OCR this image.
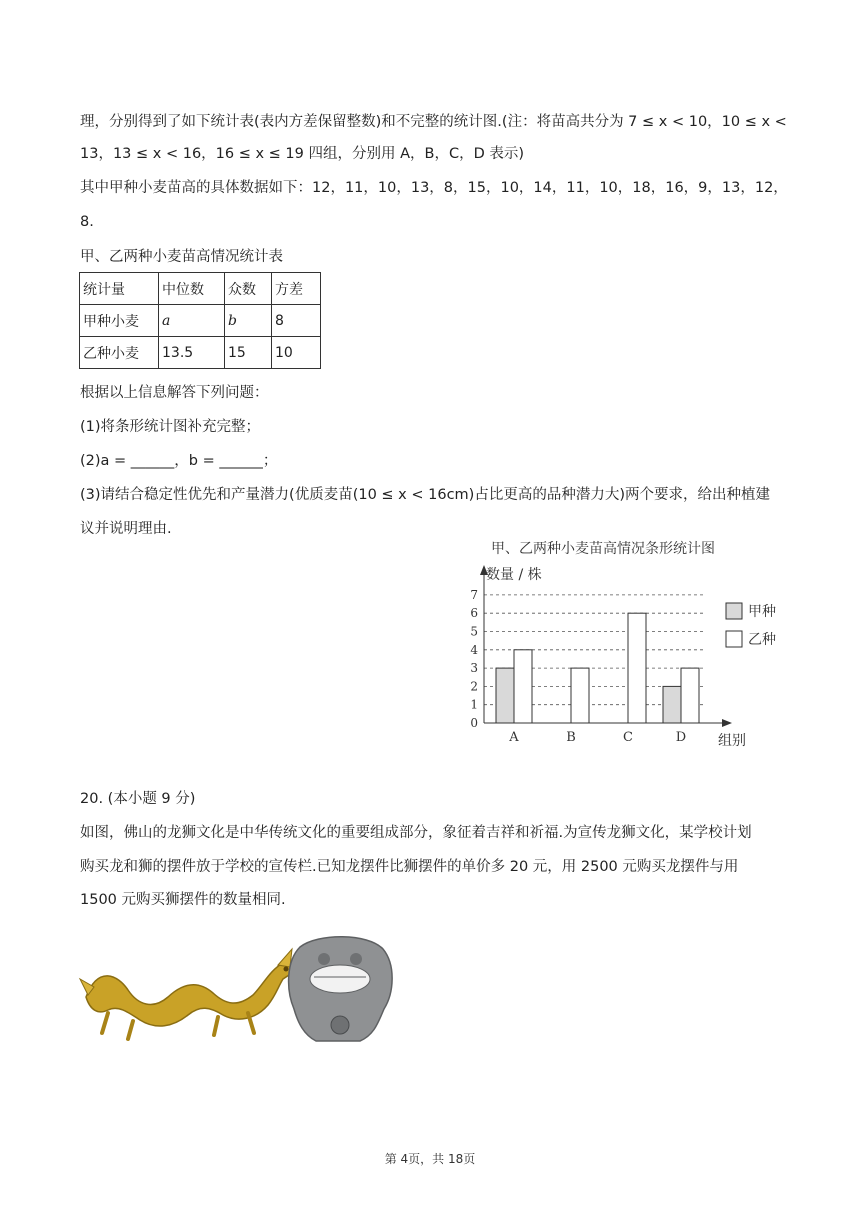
理，分别得到了如下统计表(表内方差保留整数)和不完整的统计图.(注：将苗高共分为 7 ≤ x < 10，10 ≤ x <
13，13 ≤ x < 16，16 ≤ x ≤ 19 四组，分别用 A，B，C，D 表示)
其中甲种小麦苗高的具体数据如下：12，11，10，13，8，15，10，14，11，10，18，16，9，13，12，
8.
甲、乙两种小麦苗高情况统计表
统计量	中位数	众数	方差
甲种小麦	a	b	8
乙种小麦	13.5	15	10
根据以上信息解答下列问题：
(1)将条形统计图补充完整；
(2)a = ______，b = ______；
(3)请结合稳定性优先和产量潜力(优质麦苗(10 ≤ x < 16cm)占比更高的品种潜力大)两个要求，给出种植建
议并说明理由.
甲、乙两种小麦苗高情况条形统计图
数量 / 株
组别
0
1
2
3
4
5
6
7
A	B	C	D
甲种
乙种
20. (本小题 9 分)
如图，佛山的龙狮文化是中华传统文化的重要组成部分，象征着吉祥和祈福.为宣传龙狮文化，某学校计划
购买龙和狮的摆件放于学校的宣传栏.已知龙摆件比狮摆件的单价多 20 元，用 2500 元购买龙摆件与用
1500 元购买狮摆件的数量相同.
第 4页，共 18页
